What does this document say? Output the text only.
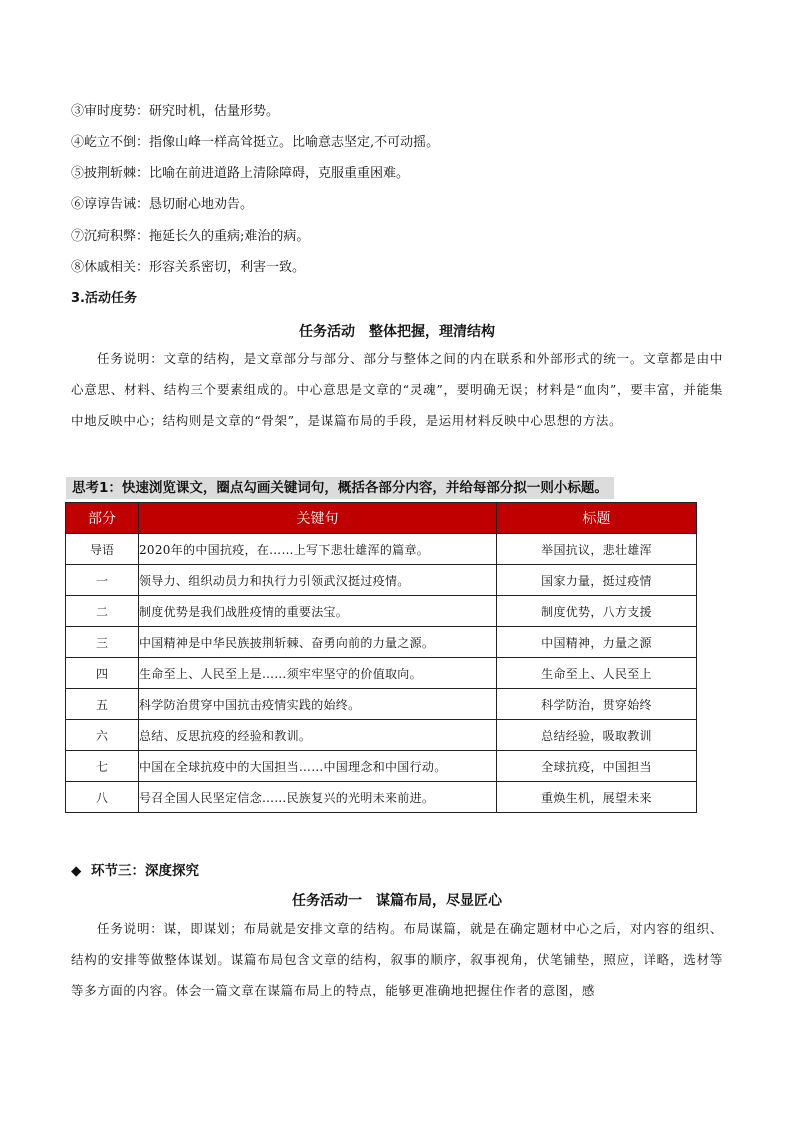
③审时度势：研究时机，估量形势。
④屹立不倒：指像山峰一样高耸挺立。比喻意志坚定,不可动摇。
⑤披荆斩棘：比喻在前进道路上清除障碍，克服重重困难。
⑥谆谆告诫：恳切耐心地劝告。
⑦沉疴积弊：拖延长久的重病;难治的病。
⑧休戚相关：形容关系密切，利害一致。
3.活动任务
任务活动　整体把握，理清结构
任务说明：文章的结构，是文章部分与部分、部分与整体之间的内在联系和外部形式的统一。文章都是由中心意思、材料、结构三个要素组成的。中心意思是文章的“灵魂”，要明确无误；材料是“血肉”，要丰富，并能集中地反映中心；结构则是文章的“骨架”，是谋篇布局的手段，是运用材料反映中心思想的方法。
思考1：快速浏览课文，圈点勾画关键词句，概括各部分内容，并给每部分拟一则小标题。
部分	关键句	标题
导语	2020年的中国抗疫，在……上写下悲壮雄浑的篇章。	举国抗议，悲壮雄浑
一	领导力、组织动员力和执行力引领武汉挺过疫情。	国家力量，挺过疫情
二	制度优势是我们战胜疫情的重要法宝。	制度优势，八方支援
三	中国精神是中华民族披荆斩棘、奋勇向前的力量之源。	中国精神，力量之源
四	生命至上、人民至上是……须牢牢坚守的价值取向。	生命至上、人民至上
五	科学防治贯穿中国抗击疫情实践的始终。	科学防治，贯穿始终
六	总结、反思抗疫的经验和教训。	总结经验，吸取教训
七	中国在全球抗疫中的大国担当……中国理念和中国行动。	全球抗疫，中国担当
八	号召全国人民坚定信念……民族复兴的光明未来前进。	重焕生机，展望未来
◆ 环节三：深度探究
任务活动一　谋篇布局，尽显匠心
任务说明：谋，即谋划；布局就是安排文章的结构。布局谋篇，就是在确定题材中心之后，对内容的组织、结构的安排等做整体谋划。谋篇布局包含文章的结构，叙事的顺序，叙事视角，伏笔铺垫，照应，详略，选材等等多方面的内容。体会一篇文章在谋篇布局上的特点，能够更准确地把握住作者的意图，感
